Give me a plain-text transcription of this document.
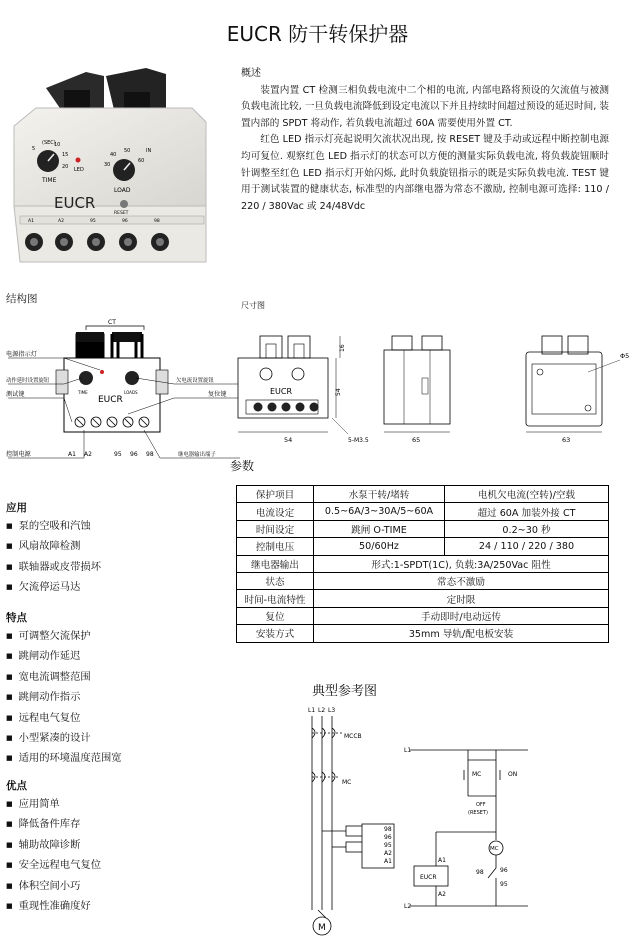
EUCR 防干转保护器
(SEC)
5
10
15
20
TIME
LED
40
50
30
60
IN
LOAD
RESET
EUCR
A1	A2	95	96	98
概述

装置内置 CT 检测三相负载电流中二个相的电流, 内部电路将预设的欠流值与被测负载电流比较, 一旦负载电流降低到设定电流以下并且持续时间超过预设的延迟时间, 装置内部的 SPDT 将动作, 若负载电流超过 60A 需要使用外置 CT.

红色 LED 指示灯亮起说明欠流状况出现, 按 RESET 键及手动或远程中断控制电源均可复位. 观察红色 LED 指示灯的状态可以方便的测量实际负载电流, 将负载旋钮顺时针调整至红色 LED 指示灯开始闪烁, 此时负载旋钮指示的既是实际负载电流. TEST 键用于测试装置的健康状态, 标准型的内部继电器为常态不激励, 控制电源可选择: 110 / 220 / 380Vac 或 24/48Vdc

结构图
CT
TIME	LOADS
EUCR
电源指示灯
动作延时设置旋钮
测试键
控制电源
欠电流设置旋钮
复位键
继电器输出端子
A1 A2	95 96 98
尺寸图
EUCR
54
16
54
5-M3.5	65	63
Φ5
参数
保护项目	水泵干转/堵转	电机欠电流(空转)/空载
电流设定	0.5~6A/3~30A/5~60A	超过 60A 加装外接 CT
时间设定	跳闸 O-TIME	0.2~30 秒
控制电压	50/60Hz	24 / 110 / 220 / 380
继电器输出	形式:1-SPDT(1C), 负载:3A/250Vac 阻性	
状态	常态不激励	
时间-电流特性	定时限	
复位	手动即时/电动远传	
安装方式	35mm 导轨/配电板安装	
应用
■ 泵的空吸和汽蚀
■ 风扇故障检测
■ 联轴器或皮带损坏
■ 欠流停运马达
特点
■ 可调整欠流保护
■ 跳闸动作延迟
■ 宽电流调整范围
■ 跳闸动作指示
■ 远程电气复位
■ 小型紧凑的设计
■ 适用的环境温度范围宽
优点
■ 应用简单
■ 降低备件库存
■ 辅助故障诊断
■ 安全远程电气复位
■ 体积空间小巧
■ 重现性准确度好
典型参考图
L1 L2 L3
MCCB
MC
M
98
96
95
A2
A1
L1
L2
MC	ON
OFF
(RESET)
MC
EUCR
A1
A2
98	96
95
